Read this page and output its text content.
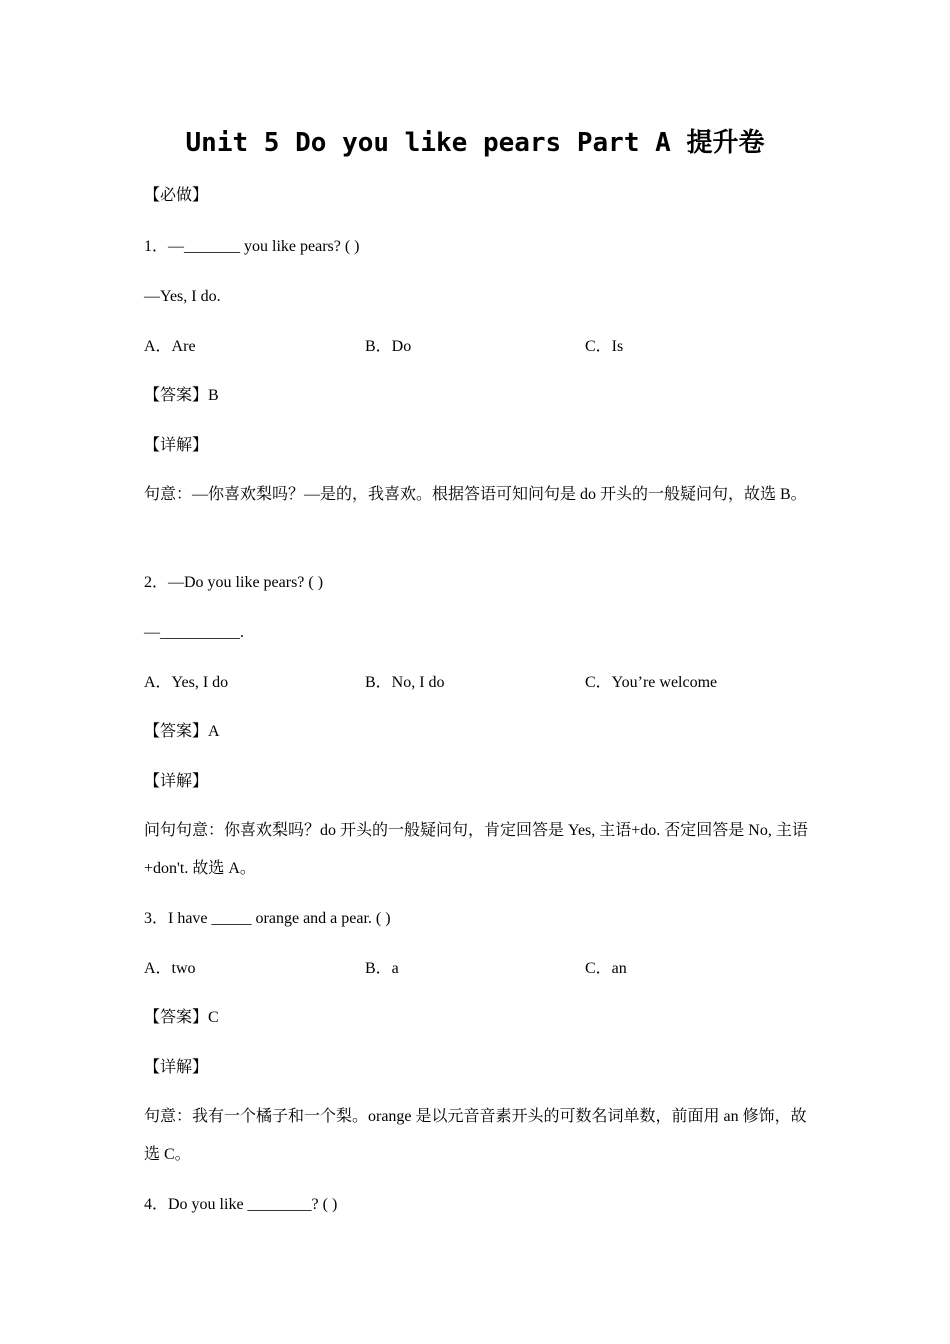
Unit 5 Do you like pears Part A 提升卷
【必做】
1．—_______ you like pears? ( )
—Yes, I do.
A．Are	B．Do	C．Is
【答案】B
【详解】
句意：—你喜欢梨吗？—是的，我喜欢。根据答语可知问句是 do 开头的一般疑问句，故选 B。
2．—Do you like pears? ( )
—__________.
A．Yes, I do	B．No, I do	C．You’re welcome
【答案】A
【详解】
问句句意：你喜欢梨吗？do 开头的一般疑问句，肯定回答是 Yes, 主语+do. 否定回答是 No, 主语+don't. 故选 A。
3．I have _____ orange and a pear. ( )
A．two	B．a	C．an
【答案】C
【详解】
句意：我有一个橘子和一个梨。orange 是以元音音素开头的可数名词单数，前面用 an 修饰，故选 C。
4．Do you like ________? ( )
